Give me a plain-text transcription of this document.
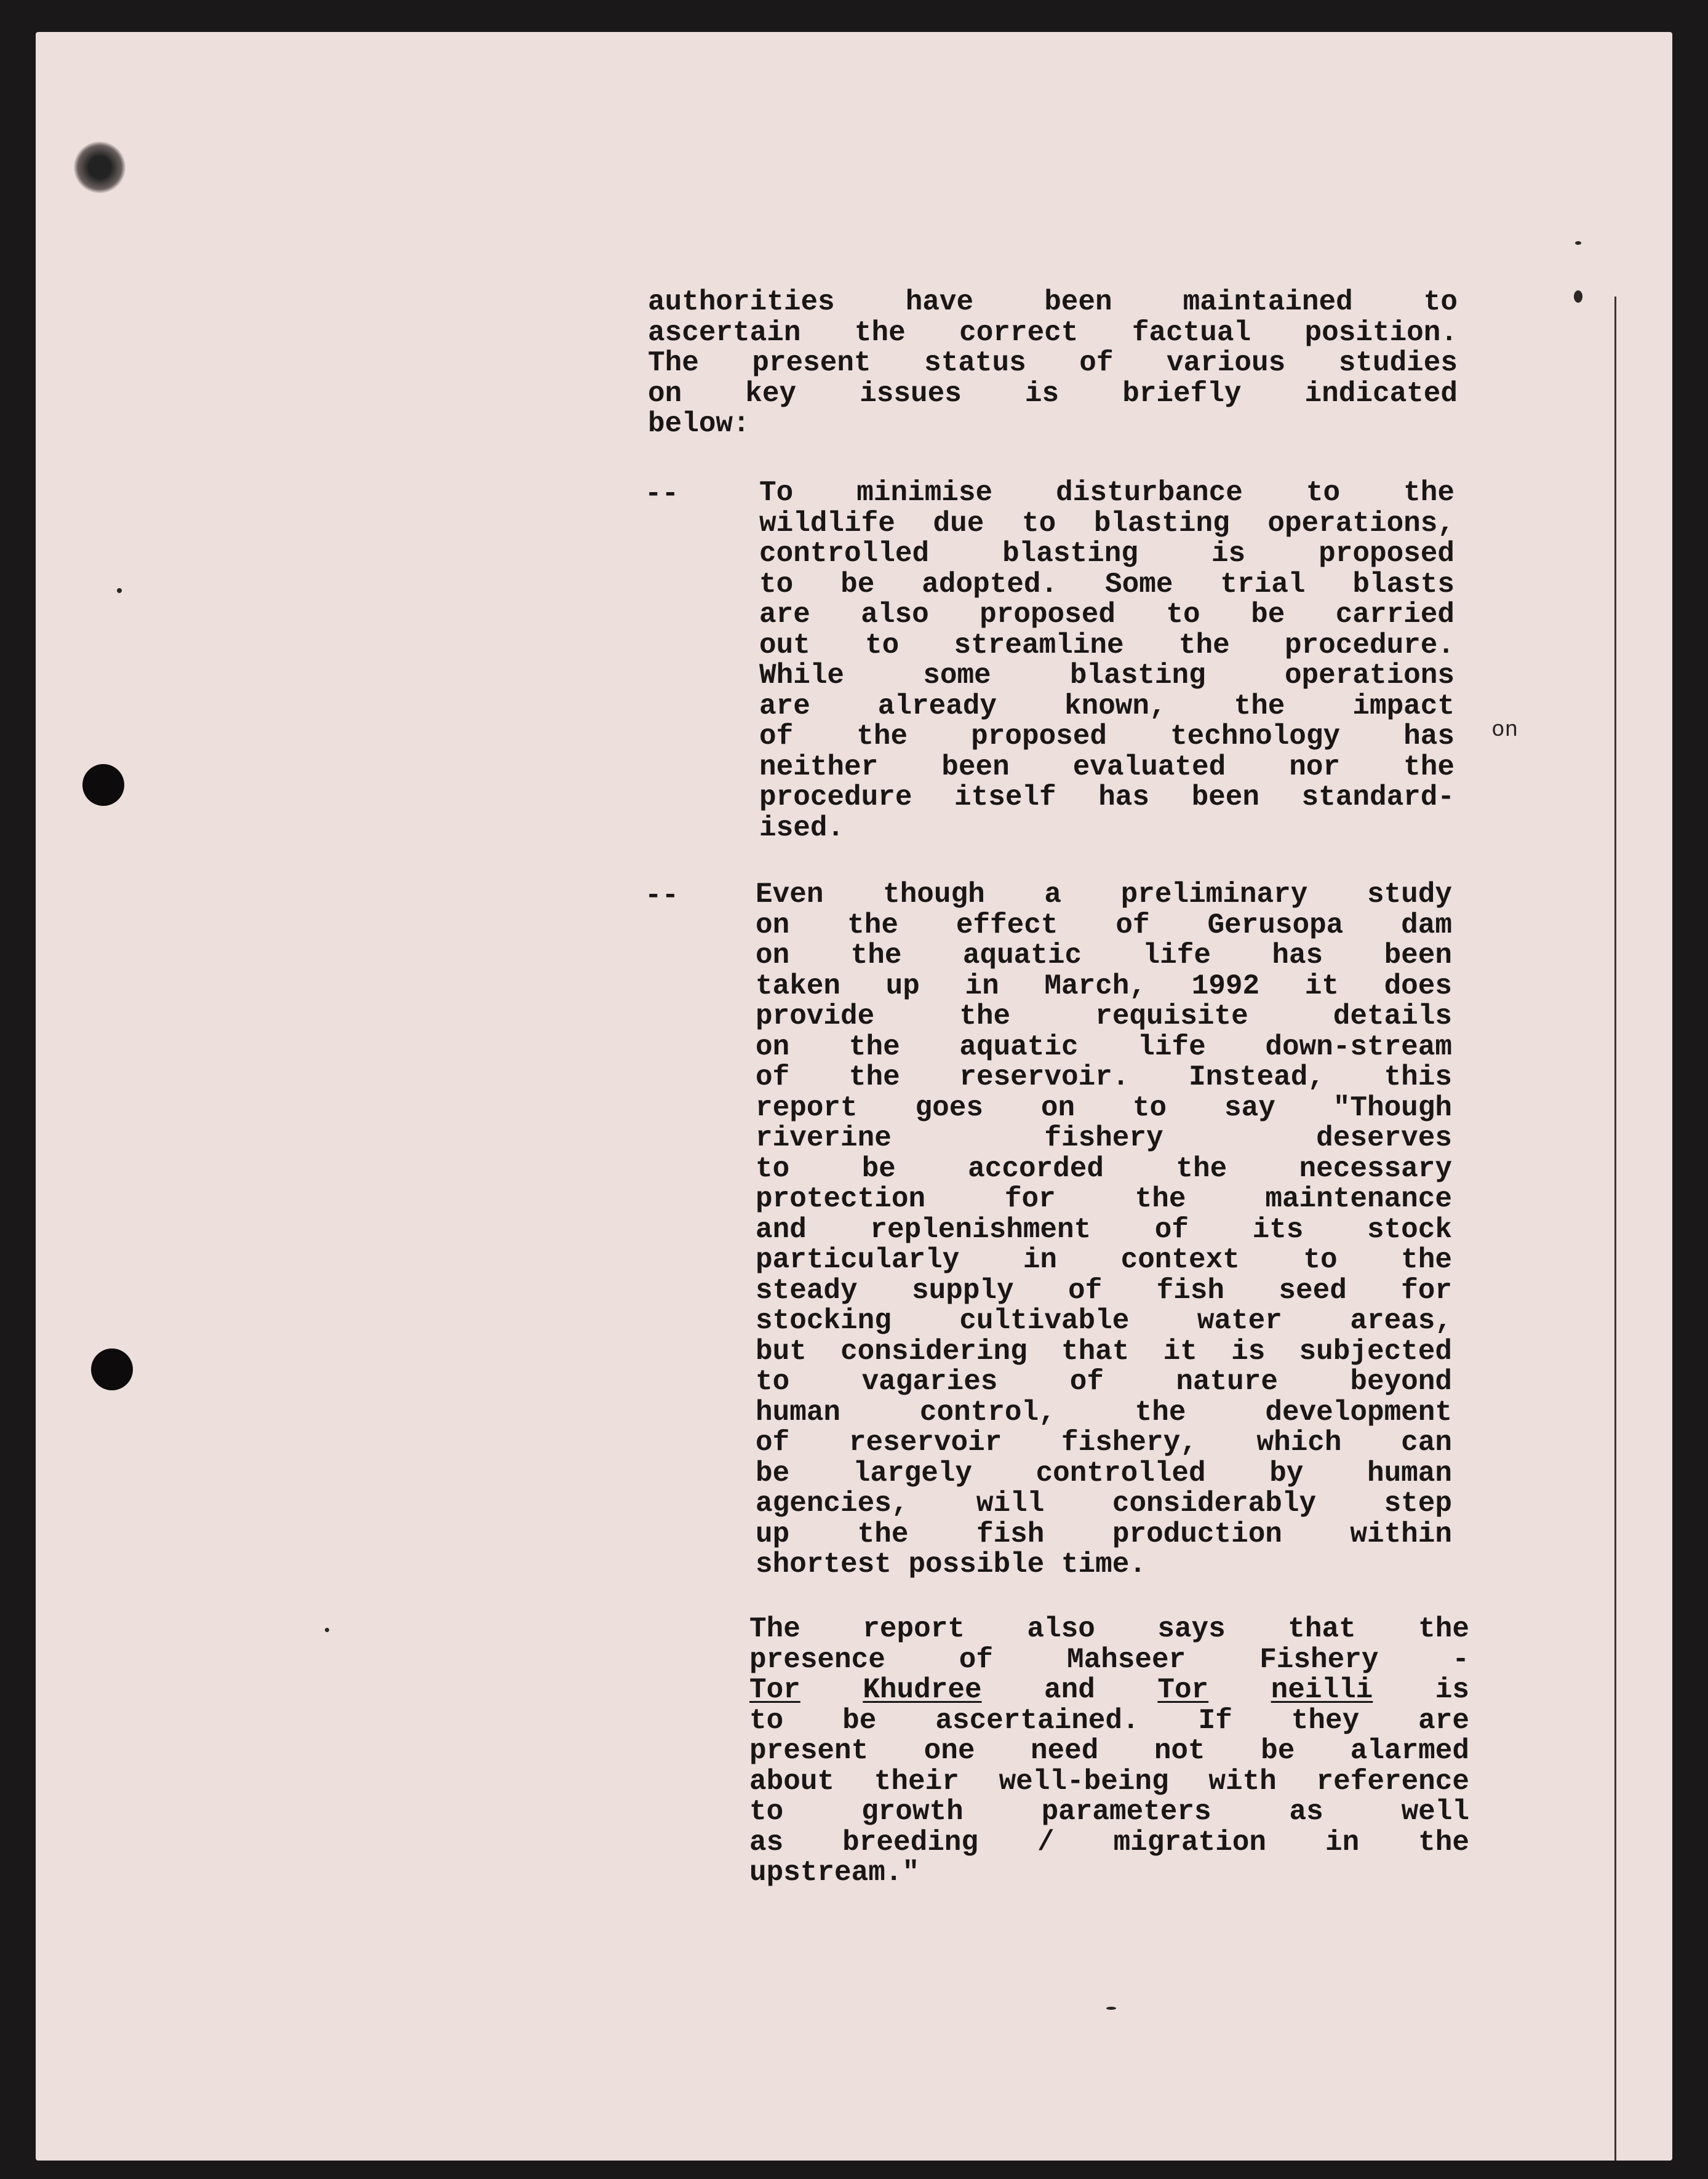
on
authorities have been maintained to
ascertain the correct factual position.
The present status of various studies
on key issues is briefly indicated
below:
--	To minimise disturbance to the
wildlife due to blasting operations,
controlled blasting is proposed
to be adopted. Some trial blasts
are also proposed to be carried
out to streamline the procedure.
While some blasting operations
are already known, the impact
of the proposed technology has
neither been evaluated nor the
procedure itself has been standard-
ised.
--	Even though a preliminary study
on the effect of Gerusopa dam
on the aquatic life has been
taken up in March, 1992 it does
provide the requisite details
on the aquatic life down-stream
of the reservoir. Instead, this
report goes on to say "Though
riverine fishery deserves
to be accorded the necessary
protection for the maintenance
and replenishment of its stock
particularly in context to the
steady supply of fish seed for
stocking cultivable water areas,
but considering that it is subjected
to vagaries of nature beyond
human control, the development
of reservoir fishery, which can
be largely controlled by human
agencies, will considerably step
up the fish production within
shortest possible time.
The report also says that the
presence of Mahseer Fishery -
Tor Khudree and Tor neilli is
to be ascertained. If they are
present one need not be alarmed
about their well-being with reference
to growth parameters as well
as breeding / migration in the
upstream."
